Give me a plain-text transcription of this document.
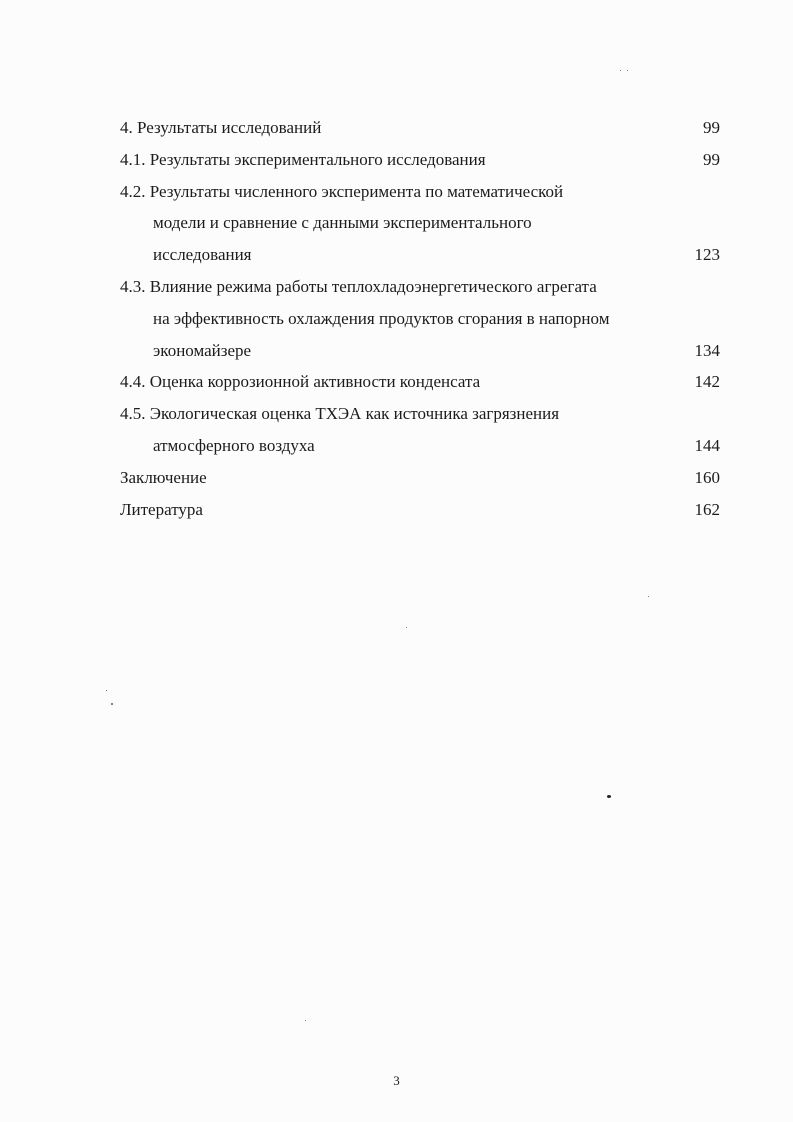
4. Результаты исследований	99
4.1. Результаты экспериментального исследования	99
4.2. Результаты численного эксперимента по математической
модели и сравнение с данными экспериментального
исследования	123
4.3. Влияние режима работы теплохладоэнергетического агрегата
на эффективность охлаждения продуктов сгорания в напорном
экономайзере	134
4.4. Оценка коррозионной активности конденсата	142
4.5. Экологическая оценка ТХЭА как источника загрязнения
атмосферного воздуха	144
Заключение	160
Литература	162
3
